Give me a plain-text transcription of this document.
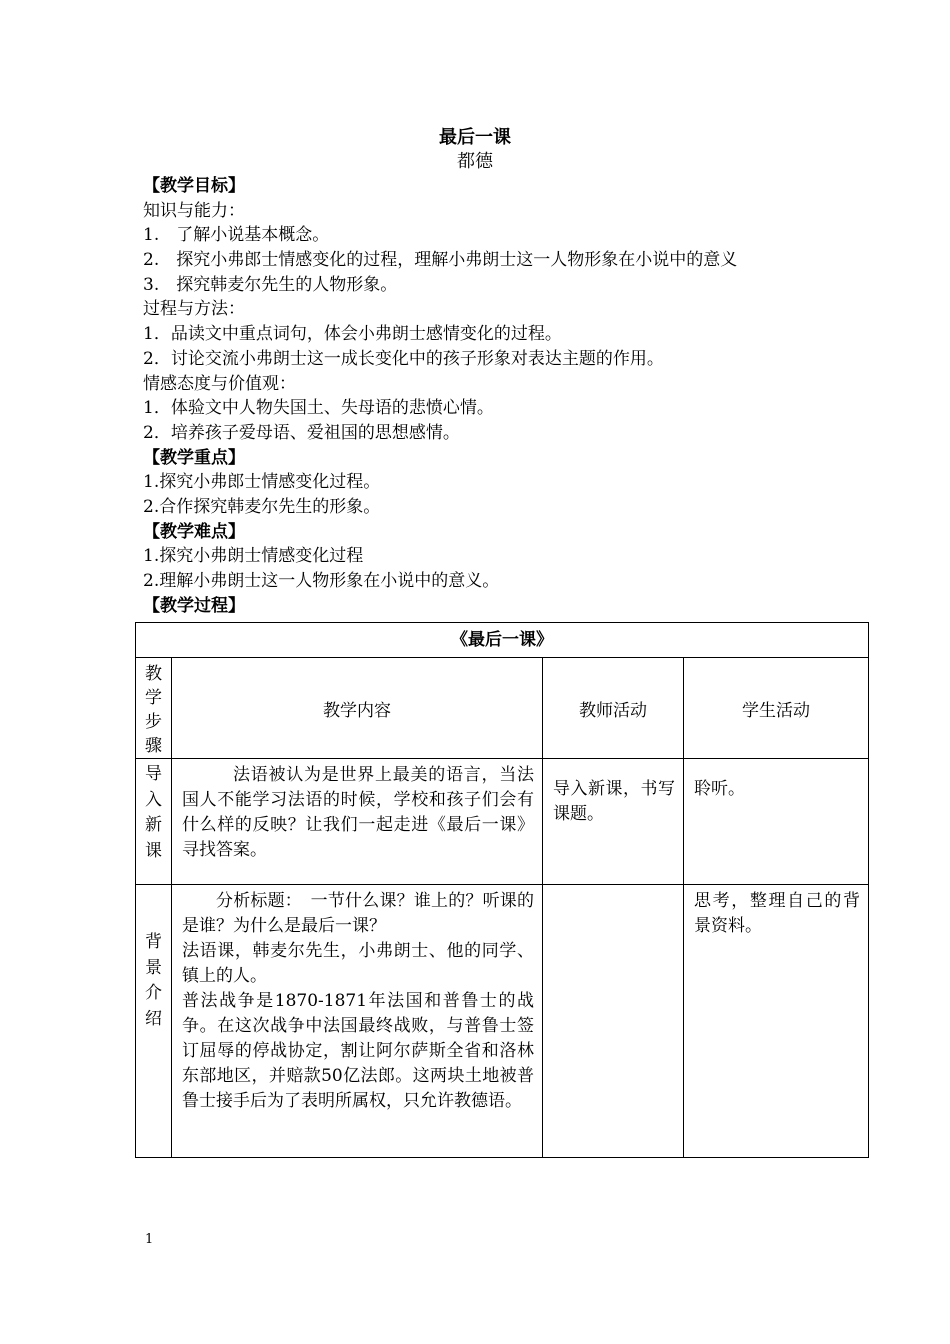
最后一课
都德
【教学目标】
知识与能力：
1.　了解小说基本概念。
2.　探究小弗郎士情感变化的过程，理解小弗朗士这一人物形象在小说中的意义
3.　探究韩麦尔先生的人物形象。
过程与方法：
1．品读文中重点词句，体会小弗朗士感情变化的过程。
2．讨论交流小弗朗士这一成长变化中的孩子形象对表达主题的作用。
情感态度与价值观：
1．体验文中人物失国土、失母语的悲愤心情。
2．培养孩子爱母语、爱祖国的思想感情。
【教学重点】
1.探究小弗郎士情感变化过程。
2.合作探究韩麦尔先生的形象。
【教学难点】
1.探究小弗朗士情感变化过程
2.理解小弗朗士这一人物形象在小说中的意义。
【教学过程】
《最后一课》			

教学步骤	教学内容	教师活动	学生活动

导入新课	法语被认为是世界上最美的语言，当法国人不能学习法语的时候，学校和孩子们会有什么样的反映？让我们一起走进《最后一课》寻找答案。	导入新课，书写课题。	聆听。

背景介绍	分析标题：　一节什么课？谁上的？听课的是谁？为什么是最后一课？
法语课，韩麦尔先生，小弗朗士、他的同学、镇上的人。
普法战争是1870-1871年法国和普鲁士的战争。在这次战争中法国最终战败，与普鲁士签订屈辱的停战协定，割让阿尔萨斯全省和洛林东部地区，并赔款50亿法郎。这两块土地被普鲁士接手后为了表明所属权，只允许教德语。		思考，整理自己的背景资料。
1
